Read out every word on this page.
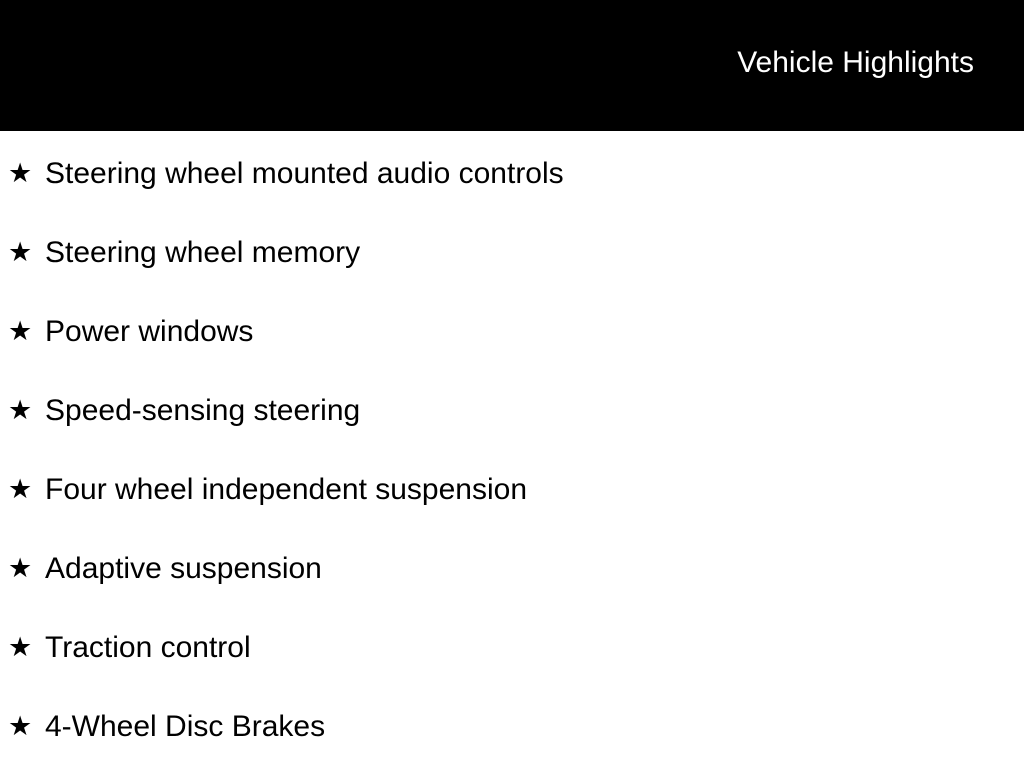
Vehicle Highlights
★ Steering wheel mounted audio controls
★ Steering wheel memory
★ Power windows
★ Speed-sensing steering
★ Four wheel independent suspension
★ Adaptive suspension
★ Traction control
★ 4-Wheel Disc Brakes
